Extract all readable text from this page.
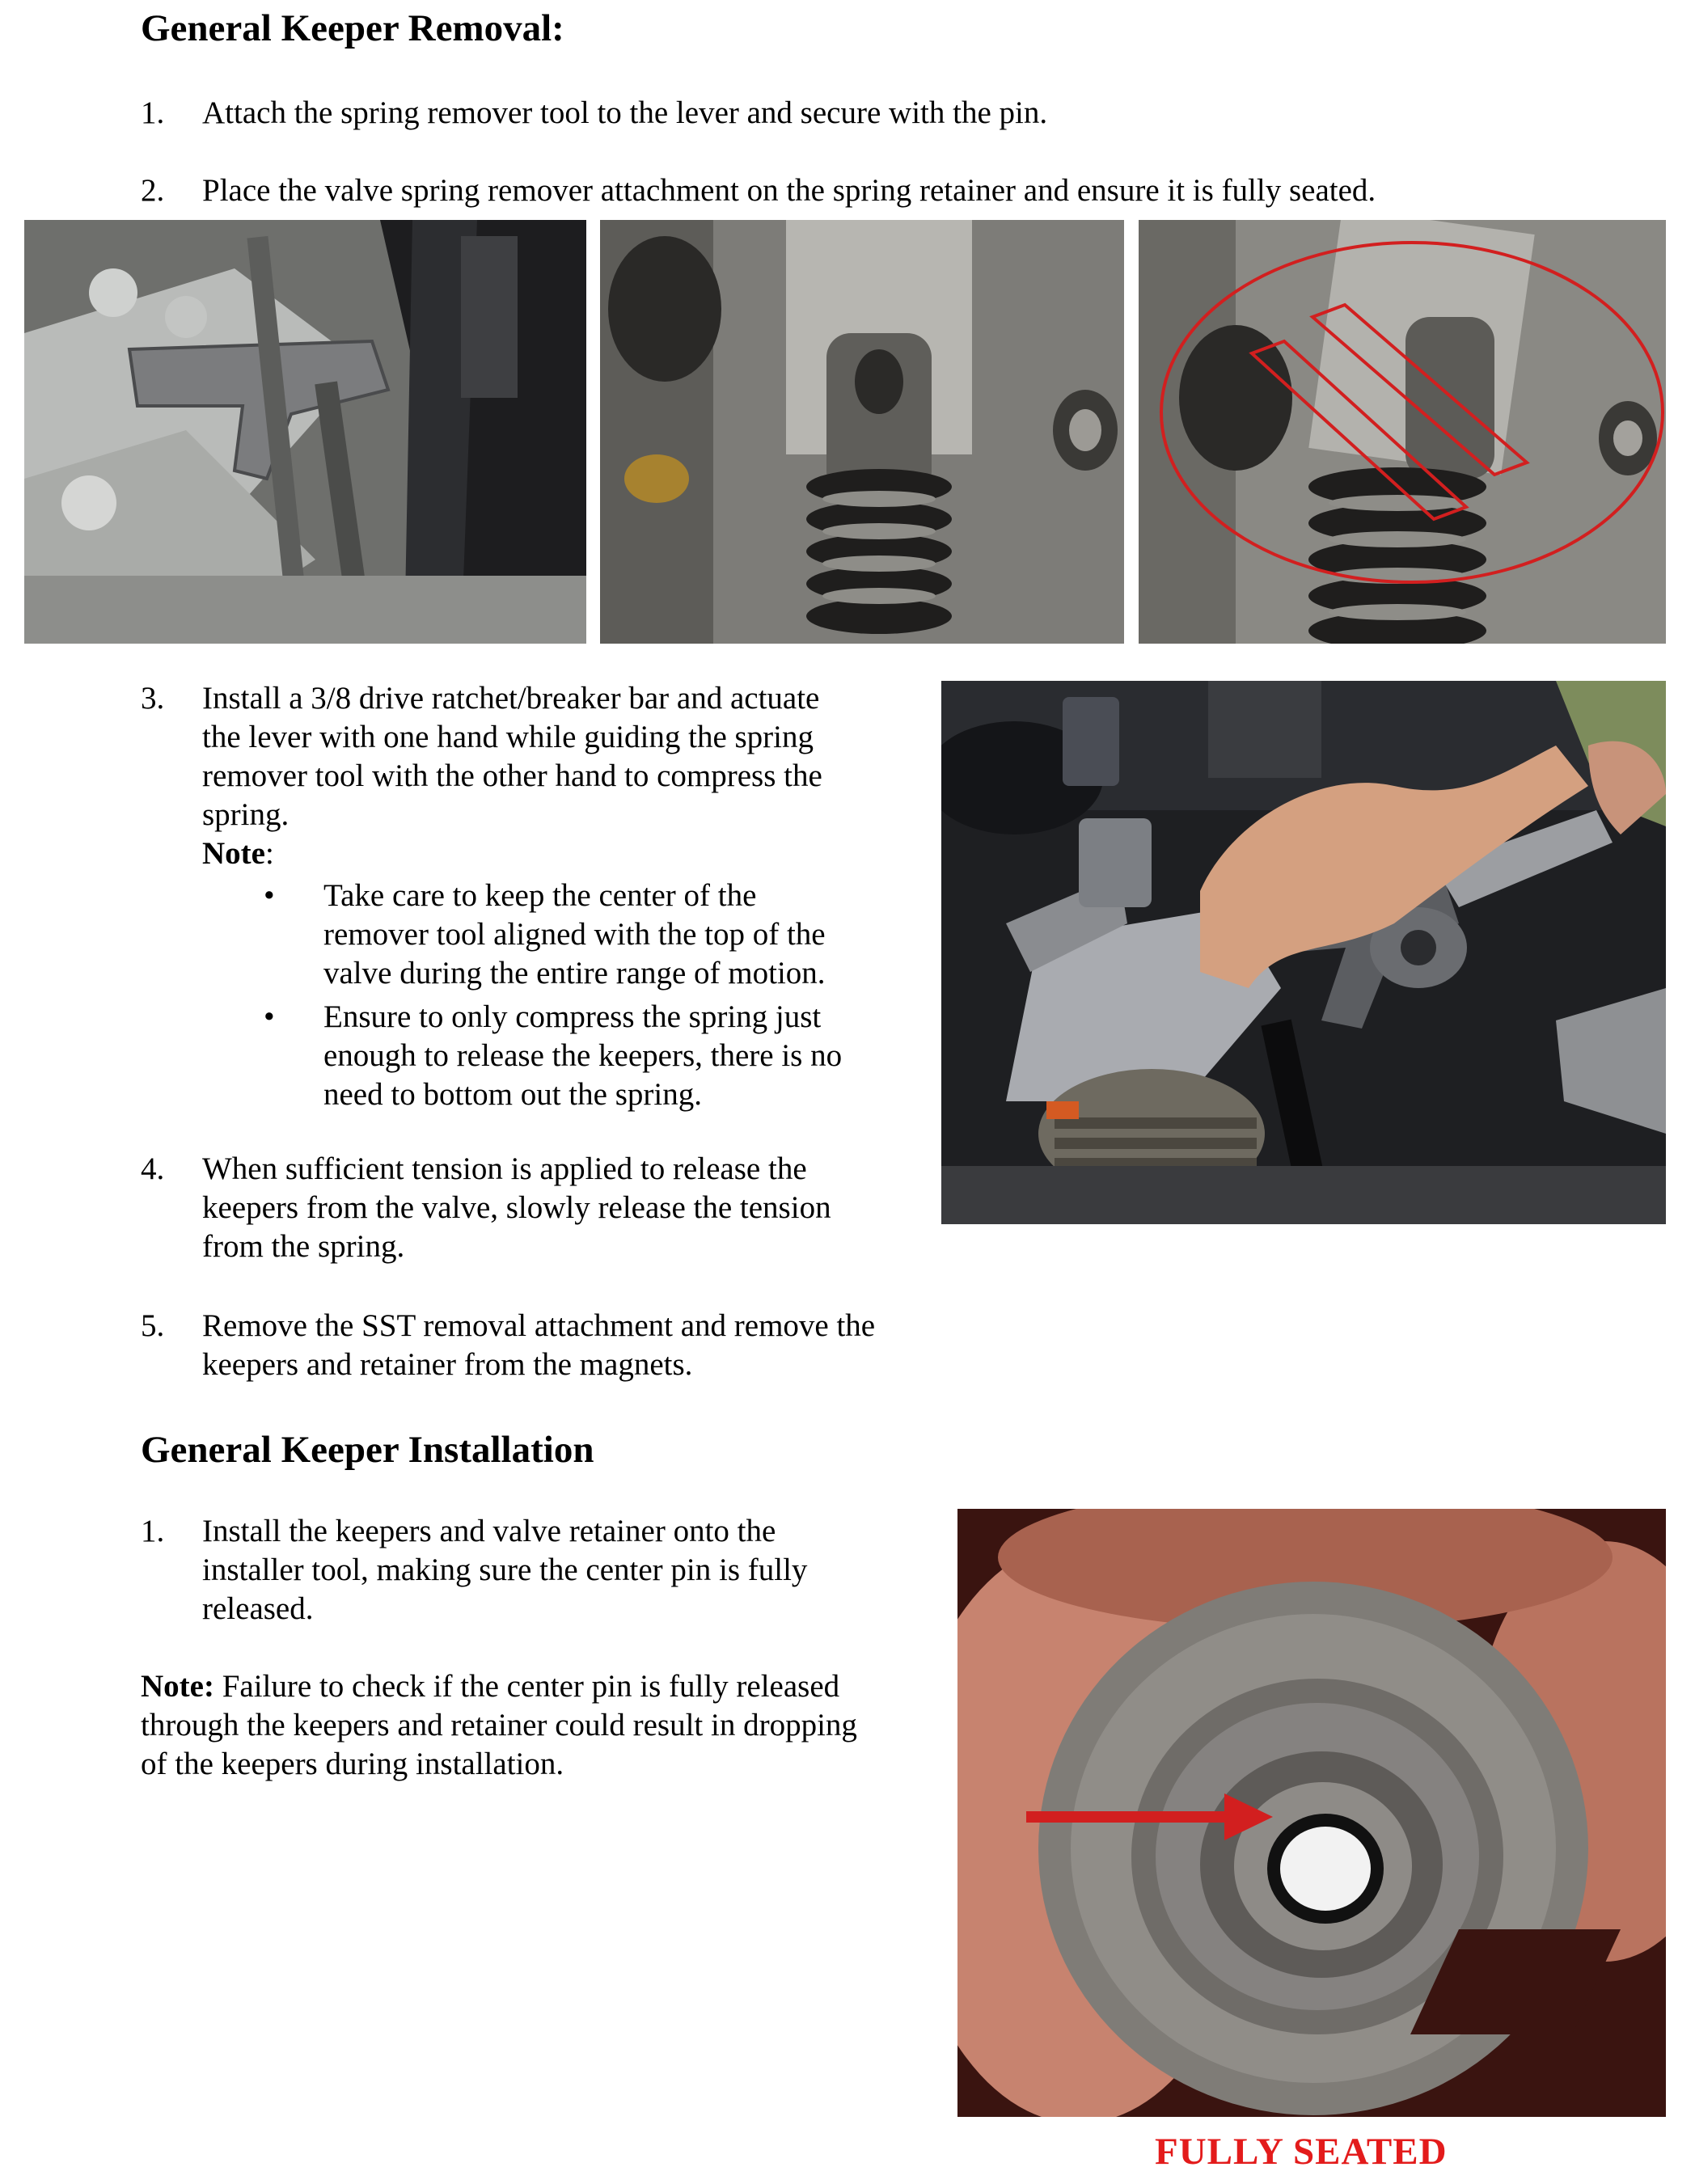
General Keeper Removal:
1. Attach the spring remover tool to the lever and secure with the pin.
2. Place the valve spring remover attachment on the spring retainer and ensure it is fully seated.
3. Install a 3/8 drive ratchet/breaker bar and actuate
the lever with one hand while guiding the spring
remover tool with the other hand to compress the
spring.
Note:
• Take care to keep the center of the
remover tool aligned with the top of the
valve during the entire range of motion.
• Ensure to only compress the spring just
enough to release the keepers, there is no
need to bottom out the spring.
4. When sufficient tension is applied to release the
keepers from the valve, slowly release the tension
from the spring.
5. Remove the SST removal attachment and remove the
keepers and retainer from the magnets.
General Keeper Installation
1. Install the keepers and valve retainer onto the
installer tool, making sure the center pin is fully
released.
Note: Failure to check if the center pin is fully released
through the keepers and retainer could result in dropping
of the keepers during installation.
FULLY SEATED
